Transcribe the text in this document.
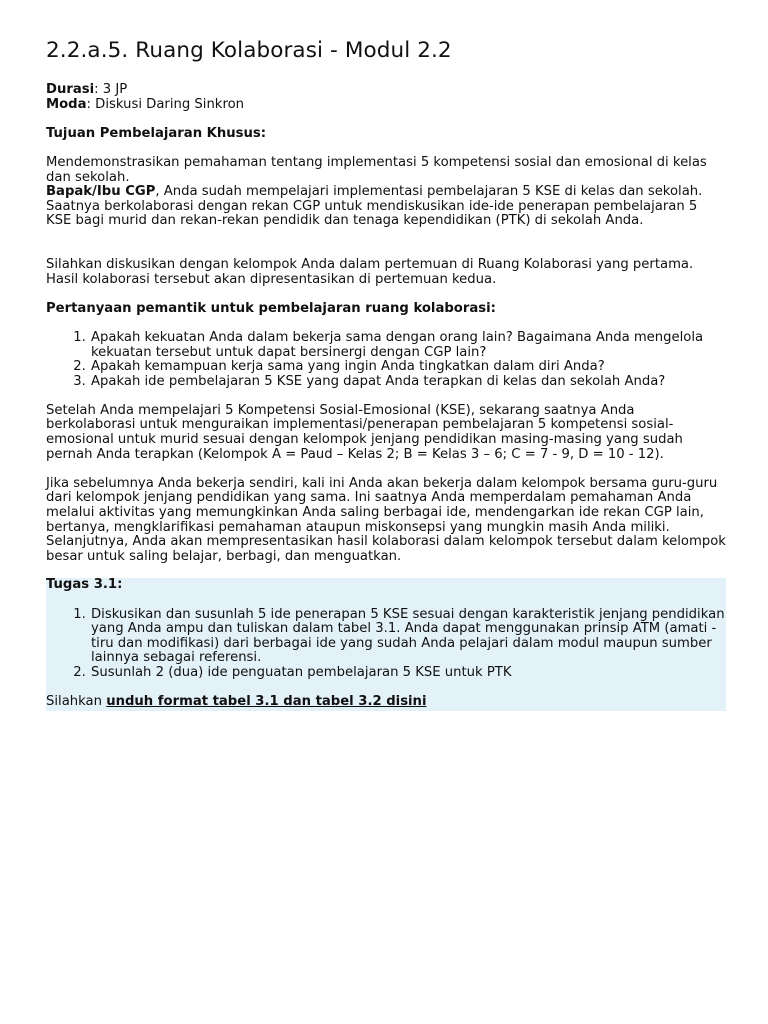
2.2.a.5. Ruang Kolaborasi - Modul 2.2

Durasi: 3 JP

Moda: Diskusi Daring Sinkron

Tujuan Pembelajaran Khusus:

Mendemonstrasikan pemahaman tentang implementasi 5 kompetensi sosial dan emosional di kelas dan sekolah.

Bapak/Ibu CGP, Anda sudah mempelajari implementasi pembelajaran 5 KSE di kelas dan sekolah. Saatnya berkolaborasi dengan rekan CGP untuk mendiskusikan ide-ide penerapan pembelajaran 5 KSE bagi murid dan rekan-rekan pendidik dan tenaga kependidikan (PTK) di sekolah Anda.

Silahkan diskusikan dengan kelompok Anda dalam pertemuan di Ruang Kolaborasi yang pertama. Hasil kolaborasi tersebut akan dipresentasikan di pertemuan kedua.

Pertanyaan pemantik untuk pembelajaran ruang kolaborasi:

1. Apakah kekuatan Anda dalam bekerja sama dengan orang lain? Bagaimana Anda mengelola kekuatan tersebut untuk dapat bersinergi dengan CGP lain?
2. Apakah kemampuan kerja sama yang ingin Anda tingkatkan dalam diri Anda?
3. Apakah ide pembelajaran 5 KSE yang dapat Anda terapkan di kelas dan sekolah Anda?

Setelah Anda mempelajari 5 Kompetensi Sosial-Emosional (KSE), sekarang saatnya Anda berkolaborasi untuk menguraikan implementasi/penerapan pembelajaran 5 kompetensi sosial-emosional untuk murid sesuai dengan kelompok jenjang pendidikan masing-masing yang sudah pernah Anda terapkan (Kelompok A = Paud – Kelas 2; B = Kelas 3 – 6; C = 7 - 9, D = 10 - 12).

Jika sebelumnya Anda bekerja sendiri, kali ini Anda akan bekerja dalam kelompok bersama guru-guru dari kelompok jenjang pendidikan yang sama. Ini saatnya Anda memperdalam pemahaman Anda melalui aktivitas yang memungkinkan Anda saling berbagai ide, mendengarkan ide rekan CGP lain, bertanya, mengklarifikasi pemahaman ataupun miskonsepsi yang mungkin masih Anda miliki. Selanjutnya, Anda akan mempresentasikan hasil kolaborasi dalam kelompok tersebut dalam kelompok besar untuk saling belajar, berbagi, dan menguatkan.

Tugas 3.1:

1. Diskusikan dan susunlah 5 ide penerapan 5 KSE sesuai dengan karakteristik jenjang pendidikan yang Anda ampu dan tuliskan dalam tabel 3.1. Anda dapat menggunakan prinsip ATM (amati - tiru dan modifikasi) dari berbagai ide yang sudah Anda pelajari dalam modul maupun sumber lainnya sebagai referensi.
2. Susunlah 2 (dua) ide penguatan pembelajaran 5 KSE untuk PTK

Silahkan unduh format tabel 3.1 dan tabel 3.2 disini
